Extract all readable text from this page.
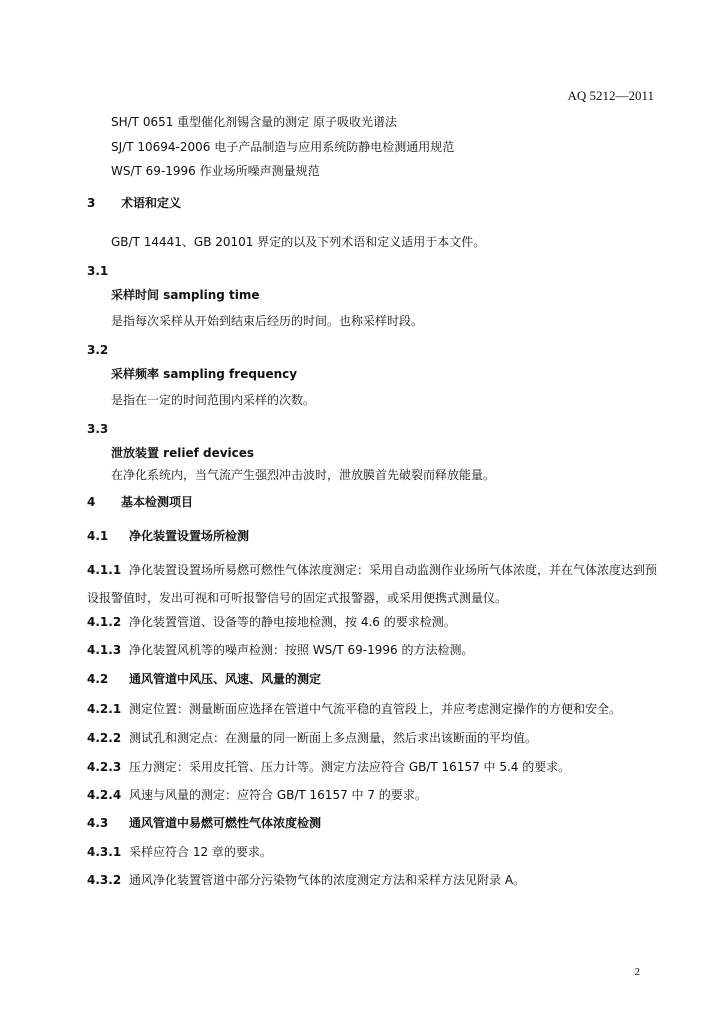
AQ 5212—2011
SH/T 0651 重型催化剂锡含量的测定 原子吸收光谱法
SJ/T 10694-2006 电子产品制造与应用系统防静电检测通用规范
WS/T 69-1996 作业场所噪声测量规范
3 术语和定义
GB/T 14441、GB 20101 界定的以及下列术语和定义适用于本文件。
3.1
采样时间 sampling time
是指每次采样从开始到结束后经历的时间。也称采样时段。
3.2
采样频率 sampling frequency
是指在一定的时间范围内采样的次数。
3.3
泄放装置 relief devices
在净化系统内，当气流产生强烈冲击波时，泄放膜首先破裂而释放能量。
4 基本检测项目
4.1 净化装置设置场所检测
4.1.1 净化装置设置场所易燃可燃性气体浓度测定：采用自动监测作业场所气体浓度，并在气体浓度达到预设报警值时，发出可视和可听报警信号的固定式报警器，或采用便携式测量仪。
4.1.2 净化装置管道、设备等的静电接地检测，按 4.6 的要求检测。
4.1.3 净化装置风机等的噪声检测：按照 WS/T 69-1996 的方法检测。
4.2 通风管道中风压、风速、风量的测定
4.2.1 测定位置：测量断面应选择在管道中气流平稳的直管段上，并应考虑测定操作的方便和安全。
4.2.2 测试孔和测定点：在测量的同一断面上多点测量，然后求出该断面的平均值。
4.2.3 压力测定：采用皮托管、压力计等。测定方法应符合 GB/T 16157 中 5.4 的要求。
4.2.4 风速与风量的测定：应符合 GB/T 16157 中 7 的要求。
4.3 通风管道中易燃可燃性气体浓度检测
4.3.1 采样应符合 12 章的要求。
4.3.2 通风净化装置管道中部分污染物气体的浓度测定方法和采样方法见附录 A。
2
